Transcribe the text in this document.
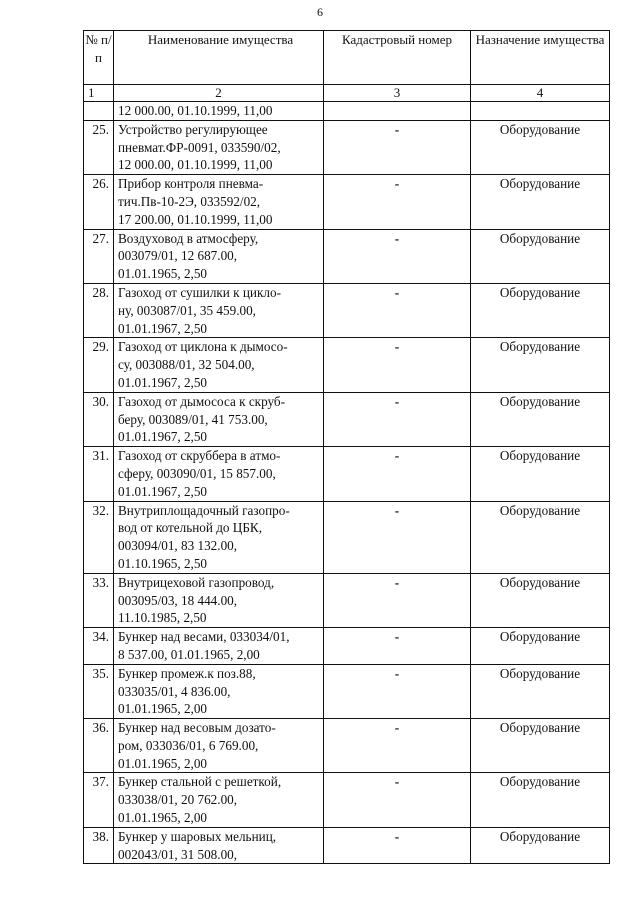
6
№ п/п	Наименование имущества	Кадастровый номер	Назначение имущества
1	2	3	4

	12 000.00, 01.10.1999, 11,00		

25.	Устройство регулирующее
пневмат.ФР-0091, 033590/02,
12 000.00, 01.10.1999, 11,00	-	Оборудование
26.	Прибор контроля пневма-
тич.Пв-10-2Э, 033592/02,
17 200.00, 01.10.1999, 11,00	-	Оборудование
27.	Воздуховод в атмосферу,
003079/01, 12 687.00,
01.01.1965, 2,50	-	Оборудование
28.	Газоход от сушилки к цикло-
ну, 003087/01, 35 459.00,
01.01.1967, 2,50	-	Оборудование
29.	Газоход от циклона к дымосо-
су, 003088/01, 32 504.00,
01.01.1967, 2,50	-	Оборудование
30.	Газоход от дымососа к скруб-
беру, 003089/01, 41 753.00,
01.01.1967, 2,50	-	Оборудование
31.	Газоход от скруббера в атмо-
сферу, 003090/01, 15 857.00,
01.01.1967, 2,50	-	Оборудование
32.	Внутриплощадочный газопро-
вод от котельной до ЦБК,
003094/01, 83 132.00,
01.10.1965, 2,50	-	Оборудование
33.	Внутрицеховой газопровод,
003095/03, 18 444.00,
11.10.1985, 2,50	-	Оборудование
34.	Бункер над весами, 033034/01,
8 537.00, 01.01.1965, 2,00	-	Оборудование
35.	Бункер промеж.к поз.88,
033035/01, 4 836.00,
01.01.1965, 2,00	-	Оборудование
36.	Бункер над весовым дозато-
ром, 033036/01, 6 769.00,
01.01.1965, 2,00	-	Оборудование
37.	Бункер стальной с решеткой,
033038/01, 20 762.00,
01.01.1965, 2,00	-	Оборудование
38.	Бункер у шаровых мельниц,
002043/01, 31 508.00,	-	Оборудование
